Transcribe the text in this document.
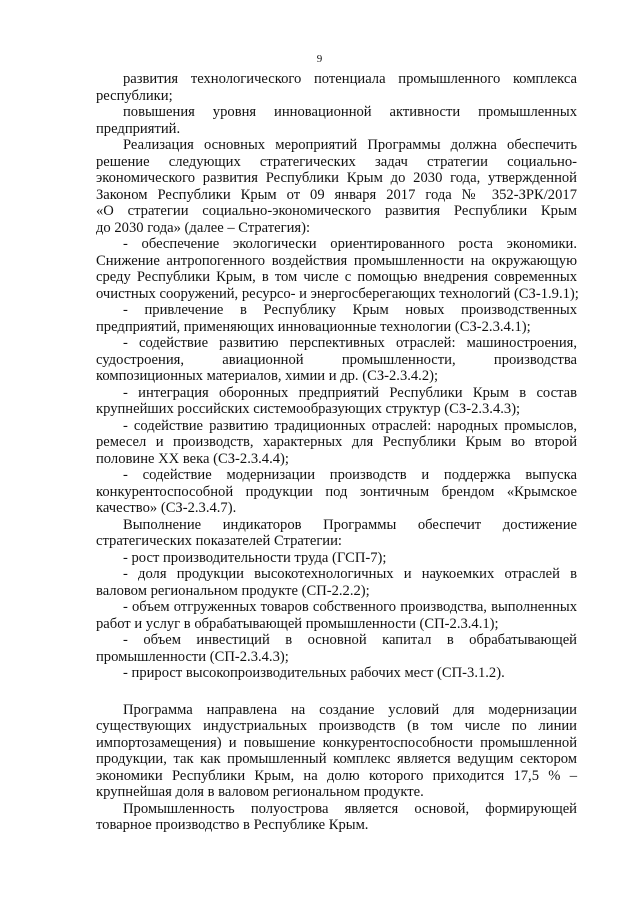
9
развития технологического потенциала промышленного комплекса
республики;
повышения уровня инновационной активности промышленных
предприятий.
Реализация основных мероприятий Программы должна обеспечить
решение следующих стратегических задач стратегии социально-
экономического развития Республики Крым до 2030 года, утвержденной
Законом Республики Крым от 09 января 2017 года № 352-ЗРК/2017
«О стратегии социально-экономического развития Республики Крым
до 2030 года» (далее – Стратегия):
- обеспечение экологически ориентированного роста экономики.
Снижение антропогенного воздействия промышленности на окружающую
среду Республики Крым, в том числе с помощью внедрения современных
очистных сооружений, ресурсо- и энергосберегающих технологий (СЗ-1.9.1);
- привлечение в Республику Крым новых производственных
предприятий, применяющих инновационные технологии (СЗ-2.3.4.1);
- содействие развитию перспективных отраслей: машиностроения,
судостроения, авиационной промышленности, производства
композиционных материалов, химии и др. (СЗ-2.3.4.2);
- интеграция оборонных предприятий Республики Крым в состав
крупнейших российских системообразующих структур (СЗ-2.3.4.3);
- содействие развитию традиционных отраслей: народных промыслов,
ремесел и производств, характерных для Республики Крым во второй
половине XX века (СЗ-2.3.4.4);
- содействие модернизации производств и поддержка выпуска
конкурентоспособной продукции под зонтичным брендом «Крымское
качество» (СЗ-2.3.4.7).
Выполнение индикаторов Программы обеспечит достижение
стратегических показателей Стратегии:
- рост производительности труда (ГСП-7);
- доля продукции высокотехнологичных и наукоемких отраслей в
валовом региональном продукте (СП-2.2.2);
- объем отгруженных товаров собственного производства, выполненных
работ и услуг в обрабатывающей промышленности (СП-2.3.4.1);
- объем инвестиций в основной капитал в обрабатывающей
промышленности (СП-2.3.4.3);
- прирост высокопроизводительных рабочих мест (СП-3.1.2).
Программа направлена на создание условий для модернизации
существующих индустриальных производств (в том числе по линии
импортозамещения) и повышение конкурентоспособности промышленной
продукции, так как промышленный комплекс является ведущим сектором
экономики Республики Крым, на долю которого приходится 17,5 % –
крупнейшая доля в валовом региональном продукте.
Промышленность полуострова является основой, формирующей
товарное производство в Республике Крым.
